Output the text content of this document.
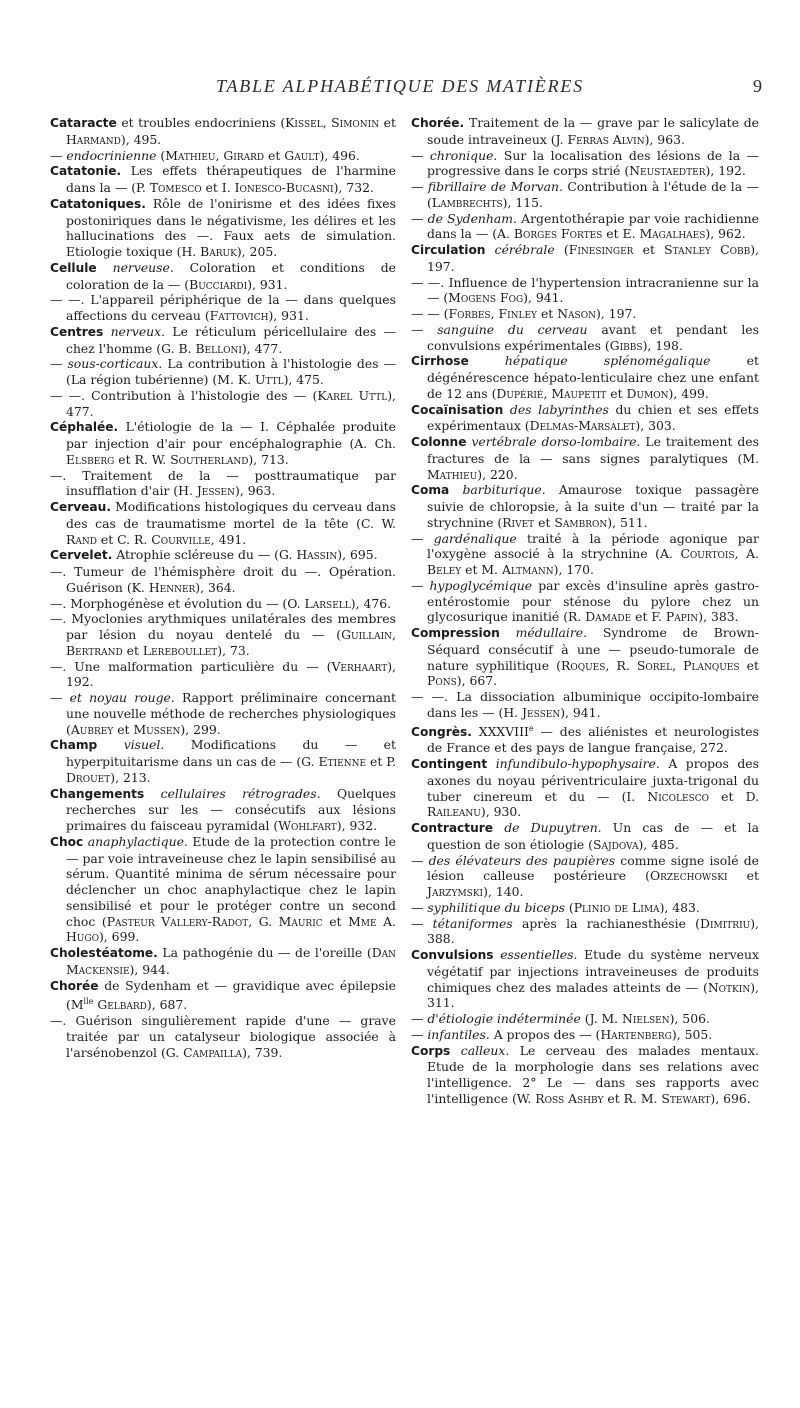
TABLE ALPHABÉTIQUE DES MATIÈRES	9

Cataracte et troubles endocriniens (Kissel, Simonin et Harmand), 495.

— endocrinienne (Mathieu, Girard et Gault), 496.

Catatonie. Les effets thérapeutiques de l'harmine dans la — (P. Tomesco et I. Ionesco-Bucasni), 732.

Catatoniques. Rôle de l'onirisme et des idées fixes postoniriques dans le négativisme, les délires et les hallucinations des —. Faux aets de simulation. Etiologie toxique (H. Baruk), 205.

Cellule nerveuse. Coloration et conditions de coloration de la — (Bucciardi), 931.

— —. L'appareil périphérique de la — dans quelques affections du cerveau (Fattovich), 931.

Centres nerveux. Le réticulum péricellulaire des — chez l'homme (G. B. Belloni), 477.

— sous-corticaux. La contribution à l'histologie des — (La région tubérienne) (M. K. Uttl), 475.

— —. Contribution à l'histologie des — (Karel Uttl), 477.

Céphalée. L'étiologie de la — I. Céphalée produite par injection d'air pour encéphalographie (A. Ch. Elsberg et R. W. Southerland), 713.

—. Traitement de la — posttraumatique par insufflation d'air (H. Jessen), 963.

Cerveau. Modifications histologiques du cerveau dans des cas de traumatisme mortel de la tête (C. W. Rand et C. R. Courville, 491.

Cervelet. Atrophie scléreuse du — (G. Hassin), 695.

—. Tumeur de l'hémisphère droit du —. Opération. Guérison (K. Henner), 364.

—. Morphogénèse et évolution du — (O. Larsell), 476.

—. Myoclonies arythmiques unilatérales des membres par lésion du noyau dentelé du — (Guillain, Bertrand et Lereboullet), 73.

—. Une malformation particulière du — (Verhaart), 192.

— et noyau rouge. Rapport préliminaire concernant une nouvelle méthode de recherches physiologiques (Aubrey et Mussen), 299.

Champ visuel. Modifications du — et hyperpituitarisme dans un cas de — (G. Etienne et P. Drouet), 213.

Changements cellulaires rétrogrades. Quelques recherches sur les — consécutifs aux lésions primaires du faisceau pyramidal (Wohlfart), 932.

Choc anaphylactique. Etude de la protection contre le — par voie intraveineuse chez le lapin sensibilisé au sérum. Quantité minima de sérum nécessaire pour déclencher un choc anaphylactique chez le lapin sensibilisé et pour le protéger contre un second choc (Pasteur Vallery-Radot, G. Mauric et Mme A. Hugo), 699.

Cholestéatome. La pathogénie du — de l'oreille (Dan Mackensie), 944.

Chorée de Sydenham et — gravidique avec épilepsie ($M^{lle}$ Gelbard), 687.

—. Guérison singulièrement rapide d'une — grave traitée par un catalyseur biologique associée à l'arsénobenzol (G. Campailla), 739.

Chorée. Traitement de la — grave par le salicylate de soude intraveineux (J. Ferras Alvin), 963.

— chronique. Sur la localisation des lésions de la — progressive dans le corps strié (Neustaedter), 192.

— fibrillaire de Morvan. Contribution à l'étude de la — (Lambrechts), 115.

— de Sydenham. Argentothérapie par voie rachidienne dans la — (A. Borges Fortes et E. Magalhaes), 962.

Circulation cérébrale (Finesinger et Stanley Cobb), 197.

— —. Influence de l'hypertension intracranienne sur la — (Mogens Fog), 941.

— — (Forbes, Finley et Nason), 197.

— sanguine du cerveau avant et pendant les convulsions expérimentales (Gibbs), 198.

Cirrhose	hépatique splénomégalique et dégénérescence hépato-lenticulaire chez une enfant de 12 ans (Dupérié, Maupetit et Dumon), 499.

Cocaïnisation des labyrinthes du chien et ses effets expérimentaux (Delmas-Marsalet), 303.

Colonne vertébrale dorso-lombaire. Le traitement des fractures de la — sans signes paralytiques (M. Mathieu), 220.

Coma barbiturique. Amaurose toxique passagère suivie de chloropsie, à la suite d'un — traité par la strychnine (Rivet et Sambron), 511.

— gardénalique traité à la période agonique par l'oxygène associé à la strychnine (A. Courtois, A. Beley et M. Altmann), 170.

— hypoglycémique par excès d'insuline après gastro-entérostomie pour sténose du pylore chez un glycosurique inanitié (R. Damade et F. Papin), 383.

Compression médullaire. Syndrome de Brown-Séquard consécutif à une — pseudo-tumorale de nature syphilitique (Roques, R. Sorel, Planques et Pons), 667.

— —. La dissociation albuminique occipito-lombaire dans les — (H. Jessen), 941.

Congrès. XXXVIIIe — des aliénistes et neurologistes de France et des pays de langue française, 272.

Contingent infundibulo-hypophysaire. A propos des axones du noyau périventriculaire juxta-trigonal du tuber cinereum et du — (I. Nicolesco et D. Raileanu), 930.

Contracture de Dupuytren. Un cas de — et la question de son étiologie (Sajdova), 485.

— des élévateurs des paupières comme signe isolé de lésion calleuse postérieure (Orzechowski et Jarzymski), 140.

— syphilitique du biceps (Plinio de Lima), 483.

— tétaniformes après la rachianesthésie (Dimitriu), 388.

Convulsions essentielles. Etude du système nerveux végétatif par injections intraveineuses de produits chimiques chez des malades atteints de — (Notkin), 311.

— d'étiologie indéterminée (J. M. Nielsen), 506.

— infantiles. A propos des — (Hartenberg), 505.

Corps calleux. Le cerveau des malades mentaux. Etude de la morphologie dans ses relations avec l'intelligence. 2° Le — dans ses rapports avec l'intelligence (W. Ross Ashby et R. M. Stewart), 696.
